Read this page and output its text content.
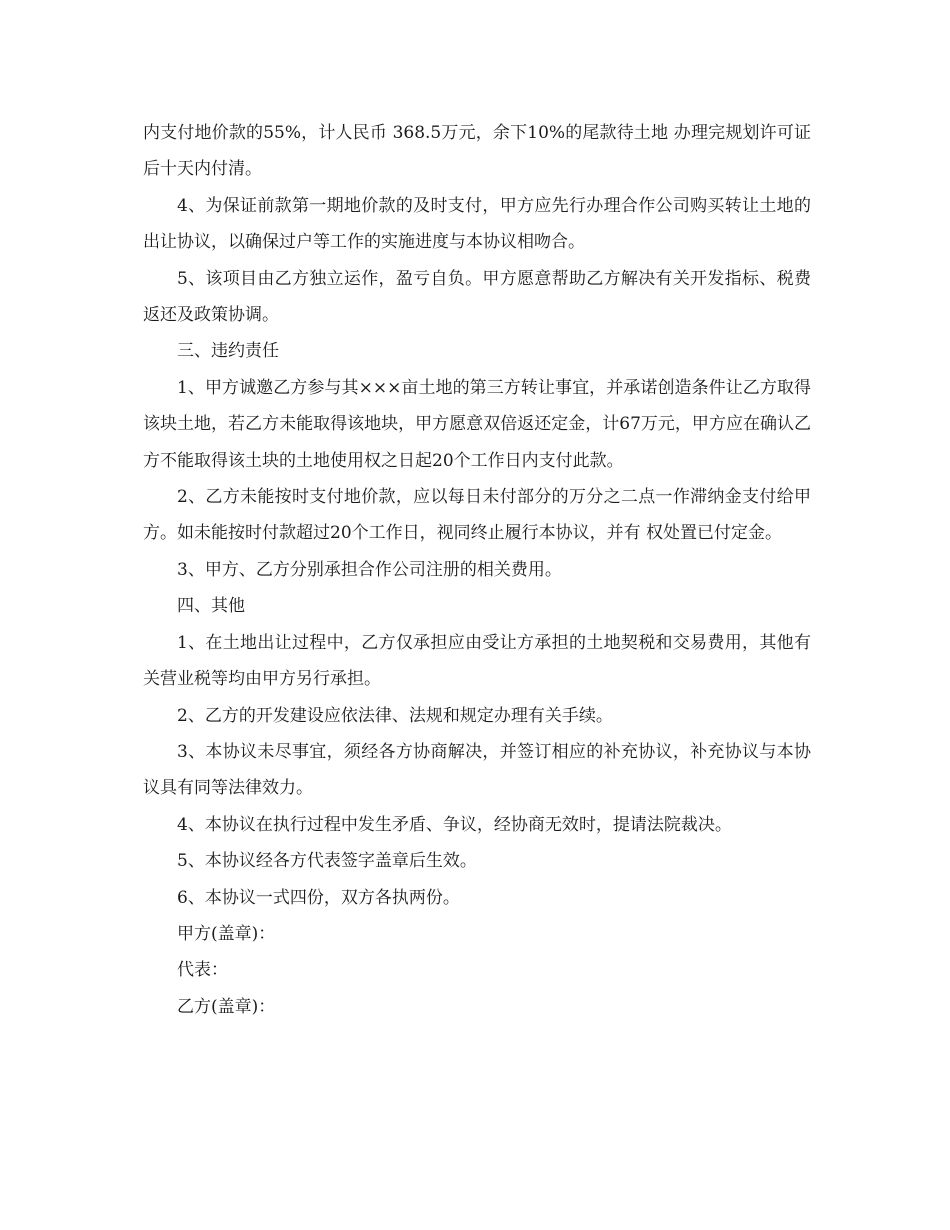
内支付地价款的55%，计人民币 368.5万元，余下10%的尾款待土地 办理完规划许可证后十天内付清。

4、为保证前款第一期地价款的及时支付，甲方应先行办理合作公司购买转让土地的出让协议，以确保过户等工作的实施进度与本协议相吻合。

5、该项目由乙方独立运作，盈亏自负。甲方愿意帮助乙方解决有关开发指标、税费返还及政策协调。

三、违约责任

1、甲方诚邀乙方参与其×××亩土地的第三方转让事宜，并承诺创造条件让乙方取得该块土地，若乙方未能取得该地块，甲方愿意双倍返还定金，计67万元，甲方应在确认乙方不能取得该土块的土地使用权之日起20个工作日内支付此款。

2、乙方未能按时支付地价款，应以每日未付部分的万分之二点一作滞纳金支付给甲方。如未能按时付款超过20个工作日，视同终止履行本协议，并有 权处置已付定金。

3、甲方、乙方分别承担合作公司注册的相关费用。

四、其他

1、在土地出让过程中，乙方仅承担应由受让方承担的土地契税和交易费用，其他有关营业税等均由甲方另行承担。

2、乙方的开发建设应依法律、法规和规定办理有关手续。

3、本协议未尽事宜，须经各方协商解决，并签订相应的补充协议，补充协议与本协议具有同等法律效力。

4、本协议在执行过程中发生矛盾、争议，经协商无效时，提请法院裁决。

5、本协议经各方代表签字盖章后生效。

6、本协议一式四份，双方各执两份。

甲方(盖章)：

代表：

乙方(盖章)：
